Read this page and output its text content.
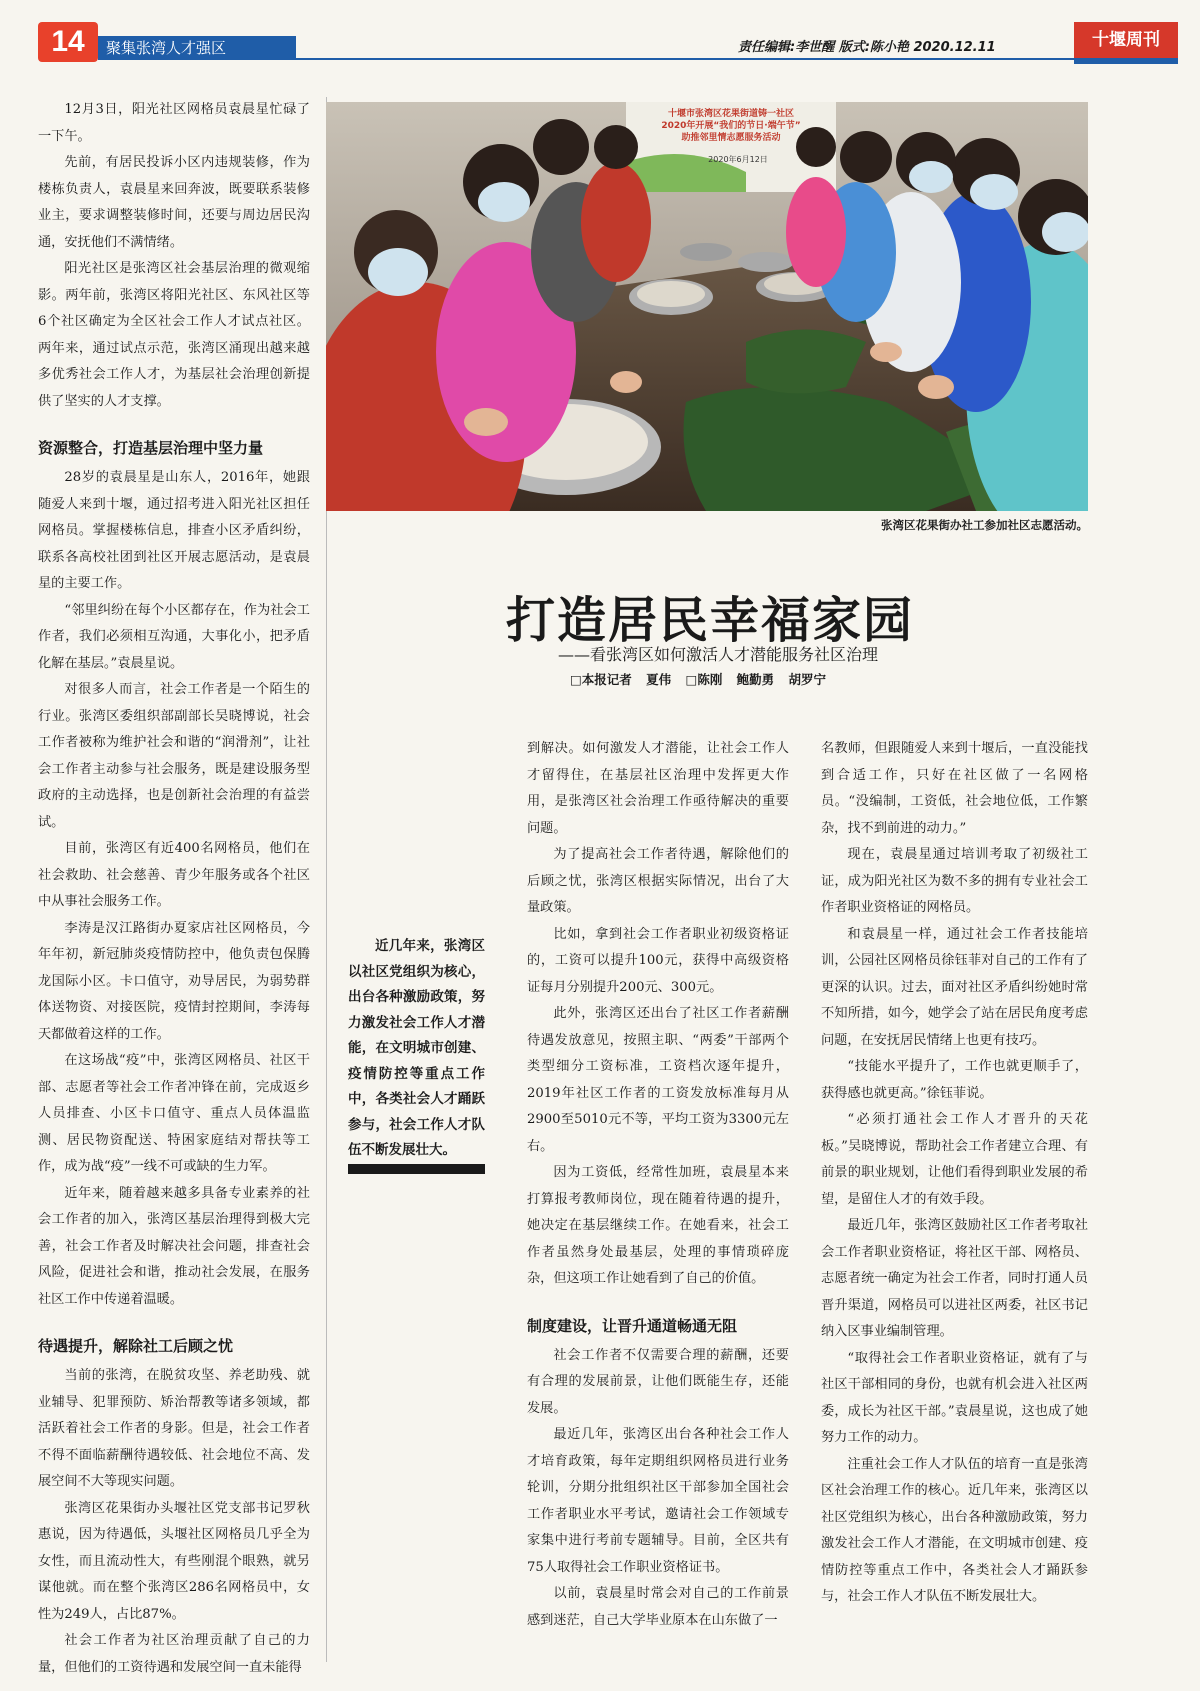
14	聚集张湾人才强区	责任编辑:李世醒 版式:陈小艳 2020.12.11	十堰周刊

12月3日，阳光社区网格员袁晨星忙碌了一下午。

先前，有居民投诉小区内违规装修，作为楼栋负责人，袁晨星来回奔波，既要联系装修业主，要求调整装修时间，还要与周边居民沟通，安抚他们不满情绪。

阳光社区是张湾区社会基层治理的微观缩影。两年前，张湾区将阳光社区、东风社区等6个社区确定为全区社会工作人才试点社区。两年来，通过试点示范，张湾区涌现出越来越多优秀社会工作人才，为基层社会治理创新提供了坚实的人才支撑。

资源整合，打造基层治理中坚力量

28岁的袁晨星是山东人，2016年，她跟随爱人来到十堰，通过招考进入阳光社区担任网格员。掌握楼栋信息，排查小区矛盾纠纷，联系各高校社团到社区开展志愿活动，是袁晨星的主要工作。

“邻里纠纷在每个小区都存在，作为社会工作者，我们必须相互沟通，大事化小，把矛盾化解在基层。”袁晨星说。

对很多人而言，社会工作者是一个陌生的行业。张湾区委组织部副部长吴晓博说，社会工作者被称为维护社会和谐的“润滑剂”，让社会工作者主动参与社会服务，既是建设服务型政府的主动选择，也是创新社会治理的有益尝试。

目前，张湾区有近400名网格员，他们在社会救助、社会慈善、青少年服务或各个社区中从事社会服务工作。

李涛是汉江路街办夏家店社区网格员，今年年初，新冠肺炎疫情防控中，他负责包保腾龙国际小区。卡口值守，劝导居民，为弱势群体送物资、对接医院，疫情封控期间，李涛每天都做着这样的工作。

在这场战“疫”中，张湾区网格员、社区干部、志愿者等社会工作者冲锋在前，完成返乡人员排查、小区卡口值守、重点人员体温监测、居民物资配送、特困家庭结对帮扶等工作，成为战“疫”一线不可或缺的生力军。

近年来，随着越来越多具备专业素养的社会工作者的加入，张湾区基层治理得到极大完善，社会工作者及时解决社会问题，排查社会风险，促进社会和谐，推动社会发展，在服务社区工作中传递着温暖。

待遇提升，解除社工后顾之忧

当前的张湾，在脱贫攻坚、养老助残、就业辅导、犯罪预防、矫治帮教等诸多领域，都活跃着社会工作者的身影。但是，社会工作者不得不面临薪酬待遇较低、社会地位不高、发展空间不大等现实问题。

张湾区花果街办头堰社区党支部书记罗秋惠说，因为待遇低，头堰社区网格员几乎全为女性，而且流动性大，有些刚混个眼熟，就另谋他就。而在整个张湾区286名网格员中，女性为249人，占比87%。

社会工作者为社区治理贡献了自己的力量，但他们的工资待遇和发展空间一直未能得

十堰市张湾区花果街道铸一社区
2020年开展“我们的节日·端午节”
助推邻里情志愿服务活动
2020年6月12日
张湾区花果街办社工参加社区志愿活动。
打造居民幸福家园
——看张湾区如何激活人才潜能服务社区治理
□本报记者 夏伟 □陈刚 鲍勤勇 胡罗宁
近几年来，张湾区以社区党组织为核心，出台各种激励政策，努力激发社会工作人才潜能，在文明城市创建、疫情防控等重点工作中，各类社会人才踊跃参与，社会工作人才队伍不断发展壮大。

到解决。如何激发人才潜能，让社会工作人才留得住，在基层社区治理中发挥更大作用，是张湾区社会治理工作亟待解决的重要问题。

为了提高社会工作者待遇，解除他们的后顾之忧，张湾区根据实际情况，出台了大量政策。

比如，拿到社会工作者职业初级资格证的，工资可以提升100元，获得中高级资格证每月分别提升200元、300元。

此外，张湾区还出台了社区工作者薪酬待遇发放意见，按照主职、“两委”干部两个类型细分工资标准，工资档次逐年提升，2019年社区工作者的工资发放标准每月从2900至5010元不等，平均工资为3300元左右。

因为工资低，经常性加班，袁晨星本来打算报考教师岗位，现在随着待遇的提升，她决定在基层继续工作。在她看来，社会工作者虽然身处最基层，处理的事情琐碎庞杂，但这项工作让她看到了自己的价值。

制度建设，让晋升通道畅通无阻

社会工作者不仅需要合理的薪酬，还要有合理的发展前景，让他们既能生存，还能发展。

最近几年，张湾区出台各种社会工作人才培育政策，每年定期组织网格员进行业务轮训，分期分批组织社区干部参加全国社会工作者职业水平考试，邀请社会工作领域专家集中进行考前专题辅导。目前，全区共有75人取得社会工作职业资格证书。

以前，袁晨星时常会对自己的工作前景感到迷茫，自己大学毕业原本在山东做了一

名教师，但跟随爱人来到十堰后，一直没能找到合适工作，只好在社区做了一名网格员。“没编制，工资低，社会地位低，工作繁杂，找不到前进的动力。”

现在，袁晨星通过培训考取了初级社工证，成为阳光社区为数不多的拥有专业社会工作者职业资格证的网格员。

和袁晨星一样，通过社会工作者技能培训，公园社区网格员徐钰菲对自己的工作有了更深的认识。过去，面对社区矛盾纠纷她时常不知所措，如今，她学会了站在居民角度考虑问题，在安抚居民情绪上也更有技巧。

“技能水平提升了，工作也就更顺手了，获得感也就更高。”徐钰菲说。

“必须打通社会工作人才晋升的天花板。”吴晓博说，帮助社会工作者建立合理、有前景的职业规划，让他们看得到职业发展的希望，是留住人才的有效手段。

最近几年，张湾区鼓励社区工作者考取社会工作者职业资格证，将社区干部、网格员、志愿者统一确定为社会工作者，同时打通人员晋升渠道，网格员可以进社区两委，社区书记纳入区事业编制管理。

“取得社会工作者职业资格证，就有了与社区干部相同的身份，也就有机会进入社区两委，成长为社区干部。”袁晨星说，这也成了她努力工作的动力。

注重社会工作人才队伍的培育一直是张湾区社会治理工作的核心。近几年来，张湾区以社区党组织为核心，出台各种激励政策，努力激发社会工作人才潜能，在文明城市创建、疫情防控等重点工作中，各类社会人才踊跃参与，社会工作人才队伍不断发展壮大。
